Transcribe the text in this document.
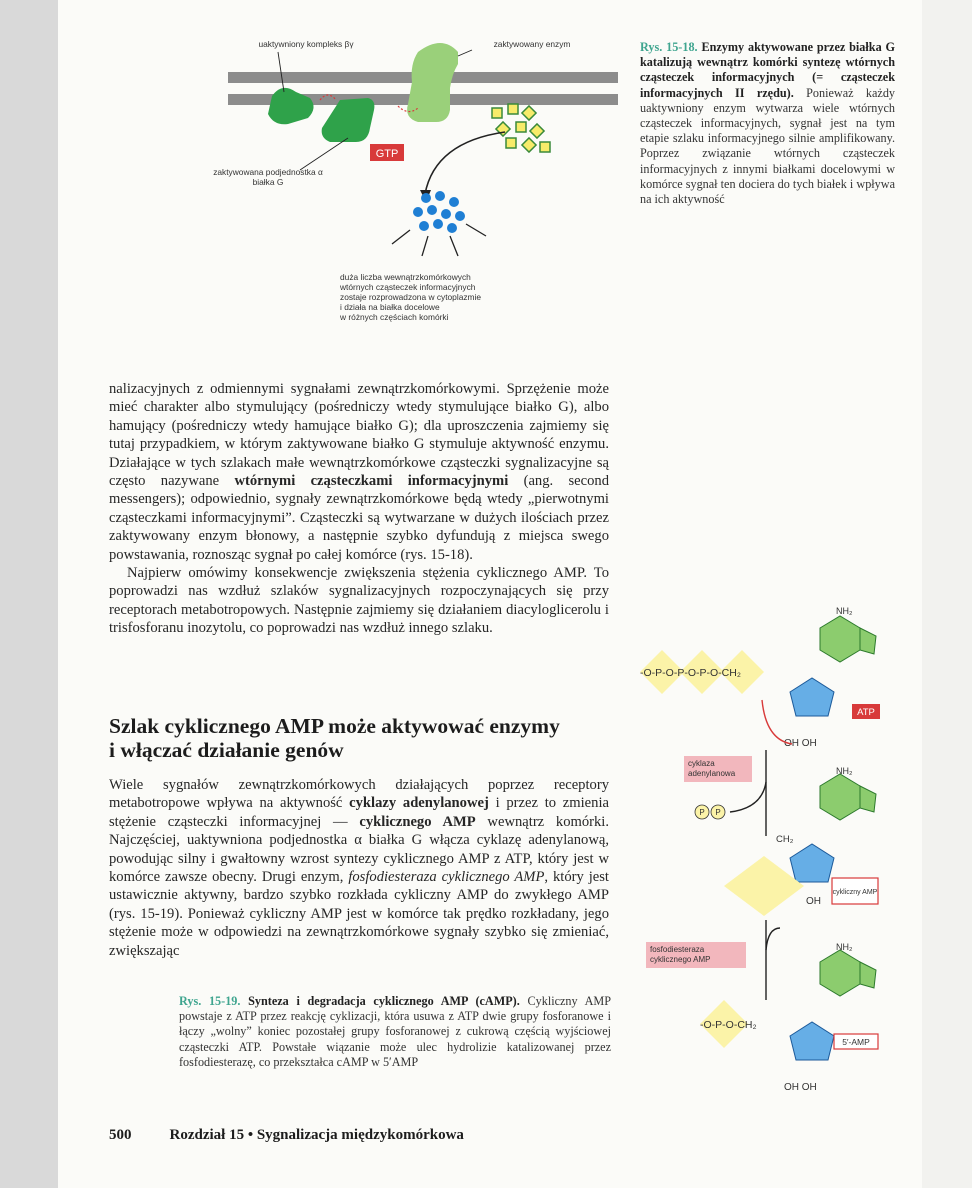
GTP
uaktywniony kompleks βγ	zaktywowany enzym
zaktywowana podjednostka α
białka G
duża liczba wewnątrzkomórkowych
wtórnych cząsteczek informacyjnych
zostaje rozprowadzona w cytoplazmie
i działa na białka docelowe
w różnych częściach komórki
Rys. 15-18. Enzymy aktywowane przez białka G katalizują wewnątrz komórki syntezę wtórnych cząsteczek informacyjnych (= cząsteczek informacyjnych II rzędu). Ponieważ każdy uaktywniony enzym wytwarza wiele wtórnych cząsteczek informacyjnych, sygnał jest na tym etapie szlaku informacyjnego silnie amplifikowany. Poprzez związanie wtórnych cząsteczek informacyjnych z innymi białkami docelowymi w komórce sygnał ten dociera do tych białek i wpływa na ich aktywność

nalizacyjnych z odmiennymi sygnałami zewnątrzkomórkowymi. Sprzężenie może mieć charakter albo stymulujący (pośredniczy wtedy stymulujące białko G), albo hamujący (pośredniczy wtedy hamujące białko G); dla uproszczenia zajmiemy się tutaj przypadkiem, w którym zaktywowane białko G stymuluje aktywność enzymu. Działające w tych szlakach małe wewnątrzkomórkowe cząsteczki sygnalizacyjne są często nazywane wtórnymi cząsteczkami informacyjnymi (ang. second messengers); odpowiednio, sygnały zewnątrzkomórkowe będą wtedy „pierwotnymi cząsteczkami informacyjnymi”. Cząsteczki są wytwarzane w dużych ilościach przez zaktywowany enzym błonowy, a następnie szybko dyfundują z miejsca swego powstawania, roznosząc sygnał po całej komórce (rys. 15-18).

Najpierw omówimy konsekwencje zwiększenia stężenia cyklicznego AMP. To poprowadzi nas wzdłuż szlaków sygnalizacyjnych rozpoczynających się przy receptorach metabotropowych. Następnie zajmiemy się działaniem diacyloglicerolu i trisfosforanu inozytolu, co poprowadzi nas wzdłuż innego szlaku.

Szlak cyklicznego AMP może aktywować enzymy
i włączać działanie genów

Wiele sygnałów zewnątrzkomórkowych działających poprzez receptory metabotropowe wpływa na aktywność cyklazy adenylanowej i przez to zmienia stężenie cząsteczki informacyjnej — cyklicznego AMP wewnątrz komórki. Najczęściej, uaktywniona podjednostka α białka G włącza cyklazę adenylanową, powodując silny i gwałtowny wzrost syntezy cyklicznego AMP z ATP, który jest w komórce zawsze obecny. Drugi enzym, fosfodiesteraza cyklicznego AMP, który jest ustawicznie aktywny, bardzo szybko rozkłada cykliczny AMP do zwykłego AMP (rys. 15-19). Ponieważ cykliczny AMP jest w komórce tak prędko rozkładany, jego stężenie może w odpowiedzi na zewnątrzkomórkowe sygnały szybko się zmieniać, zwiększając

Rys. 15-19. Synteza i degradacja cyklicznego AMP (cAMP). Cykliczny AMP powstaje z ATP przez reakcję cyklizacji, która usuwa z ATP dwie grupy fosforanowe i łączy „wolny” koniec pozostałej grupy fosforanowej z cukrową częścią wyjściowej cząsteczki ATP. Powstałe wiązanie może ulec hydrolizie katalizowanej przez fosfodiesterazę, co przekształca cAMP w 5′AMP
-O-P-O-P-O-P-O-CH₂
NH₂
OH OH
ATP
cyklaza
adenylanowa
P P
NH₂
CH₂
OH
cykliczny AMP
fosfodiesteraza
cyklicznego AMP
NH₂
-O-P-O-CH₂
OH OH
5′-AMP
500	Rozdział 15 • Sygnalizacja międzykomórkowa
